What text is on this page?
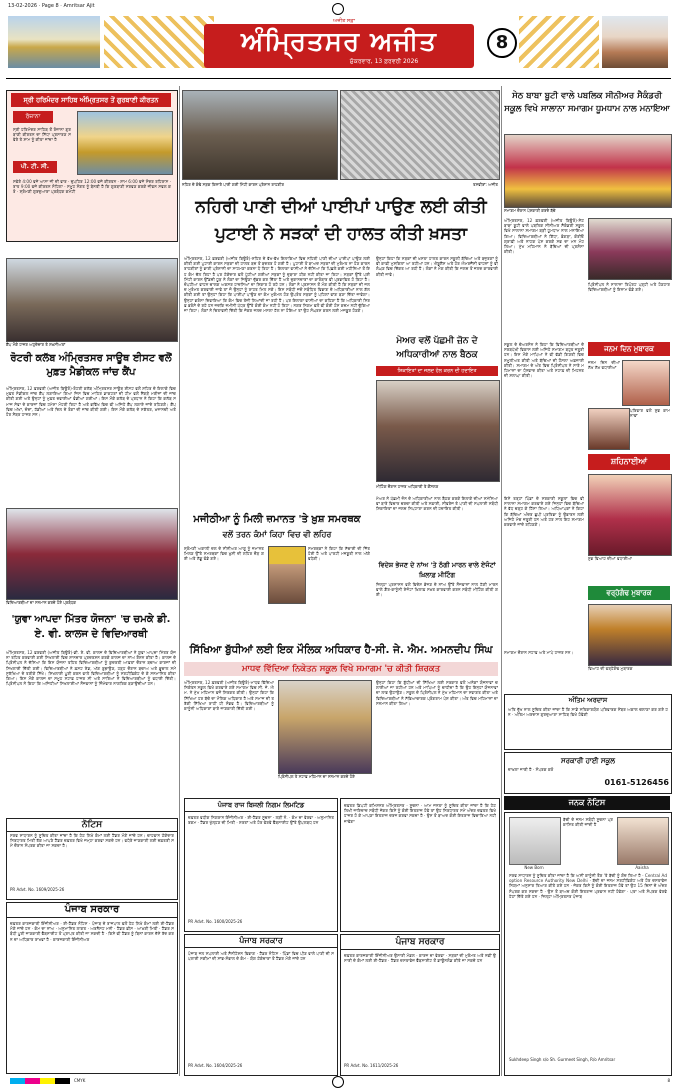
13-02-2026 · Page 8 · Amritsar Ajit
ਅੰਮ੍ਰਿਤਸਰ ਅਜੀਤ
ਅਜੀਤ ਸਫ਼ਾ
ਸ਼ੁੱਕਰਵਾਰ, 13 ਫ਼ਰਵਰੀ 2026
8
ਸ੍ਰੀ ਹਰਿਮੰਦਰ ਸਾਹਿਬ ਅੰਮ੍ਰਿਤਸਰ ਤੋਂ ਗੁਰਬਾਣੀ ਕੀਰਤਨ
ਰੋਜ਼ਾਨਾ
ਸ੍ਰੀ ਹਰਿਮੰਦਰ ਸਾਹਿਬ ਤੋਂ ਰੋਜ਼ਾਨਾ ਗੁਰਬਾਣੀ ਕੀਰਤਨ ਦਾ ਸਿੱਧਾ ਪ੍ਰਸਾਰਣ ਸਵੇਰੇ ਤੇ ਸ਼ਾਮ ਨੂੰ ਕੀਤਾ ਜਾਂਦਾ ਹੈ
ਪੀ. ਟੀ. ਸੀ.
ਸਵੇਰੇ 4:00 ਵਜੇ ਆਸਾ ਜੀ ਦੀ ਵਾਰ · ਦੁਪਹਿਰ 12:00 ਵਜੇ ਕੀਰਤਨ · ਸ਼ਾਮ 6:00 ਵਜੇ ਸੋਦਰ ਰਹਿਰਾਸ · ਰਾਤ 9:00 ਵਜੇ ਕੀਰਤਨ ਸੋਹਿਲਾ · ਸਮੂਹ ਸੰਗਤ ਨੂੰ ਬੇਨਤੀ ਹੈ ਕਿ ਗੁਰਬਾਣੀ ਸਰਵਣ ਕਰਕੇ ਜੀਵਨ ਸਫਲ ਕਰੋ · ਸ਼੍ਰੋਮਣੀ ਗੁਰਦੁਆਰਾ ਪ੍ਰਬੰਧਕ ਕਮੇਟੀ
ਕੈਂਪ ਮੌਕੇ ਹਾਜ਼ਰ ਅਹੁਦੇਦਾਰ ਤੇ ਸ਼ਖ਼ਸੀਅਤਾਂ
ਰੋਟਰੀ ਕਲੱਬ ਅੰਮ੍ਰਿਤਸਰ ਸਾਊਥ ਈਸਟ ਵਲੋਂ ਮੁਫ਼ਤ ਮੈਡੀਕਲ ਜਾਂਚ ਕੈਂਪ
ਅੰਮ੍ਰਿਤਸਰ, 12 ਫ਼ਰਵਰੀ (ਅਜੀਤ ਬਿਊਰੋ)-ਰੋਟਰੀ ਕਲੱਬ ਅੰਮ੍ਰਿਤਸਰ ਸਾਊਥ ਈਸਟ ਵਲੋਂ ਸ਼ਹਿਰ ਦੇ ਇਲਾਕੇ ਵਿਚ ਮੁਫ਼ਤ ਮੈਡੀਕਲ ਜਾਂਚ ਕੈਂਪ ਲਗਾਇਆ ਗਿਆ ਜਿਸ ਵਿਚ ਮਾਹਿਰ ਡਾਕਟਰਾਂ ਦੀ ਟੀਮ ਵਲੋਂ ਸੈਂਕੜੇ ਮਰੀਜ਼ਾਂ ਦੀ ਜਾਂਚ ਕੀਤੀ ਗਈ ਅਤੇ ਉਨ੍ਹਾਂ ਨੂੰ ਮੁਫ਼ਤ ਦਵਾਈਆਂ ਵੰਡੀਆਂ ਗਈਆਂ। ਇਸ ਮੌਕੇ ਕਲੱਬ ਦੇ ਪ੍ਰਧਾਨ ਨੇ ਕਿਹਾ ਕਿ ਕਲੱਬ ਸਮਾਜ ਸੇਵਾ ਦੇ ਕਾਰਜਾਂ ਵਿਚ ਹਮੇਸ਼ਾ ਮੋਹਰੀ ਰਿਹਾ ਹੈ ਅਤੇ ਭਵਿੱਖ ਵਿਚ ਵੀ ਅਜਿਹੇ ਕੈਂਪ ਲਗਾਏ ਜਾਂਦੇ ਰਹਿਣਗੇ। ਕੈਂਪ ਵਿਚ ਅੱਖਾਂ, ਦੰਦਾਂ, ਹੱਡੀਆਂ ਅਤੇ ਦਿਲ ਦੇ ਰੋਗਾਂ ਦੀ ਜਾਂਚ ਕੀਤੀ ਗਈ। ਇਸ ਮੌਕੇ ਕਲੱਬ ਦੇ ਸਕੱਤਰ, ਖ਼ਜ਼ਾਨਚੀ ਅਤੇ ਹੋਰ ਮੈਂਬਰ ਹਾਜ਼ਰ ਸਨ।
ਵਿਦਿਆਰਥੀਆਂ ਦਾ ਸਨਮਾਨ ਕਰਦੇ ਹੋਏ ਪ੍ਰਬੰਧਕ
'ਯੁਵਾ ਆਪਦਾ ਮਿੱਤਰ ਯੋਜਨਾ' 'ਚ ਚਮਕੇ ਡੀ. ਏ. ਵੀ. ਕਾਲਜ ਦੇ ਵਿਦਿਆਰਥੀ
ਅੰਮ੍ਰਿਤਸਰ, 12 ਫ਼ਰਵਰੀ (ਅਜੀਤ ਬਿਊਰੋ)-ਡੀ. ਏ. ਵੀ. ਕਾਲਜ ਦੇ ਵਿਦਿਆਰਥੀਆਂ ਨੇ ਯੁਵਾ ਆਪਦਾ ਮਿੱਤਰ ਯੋਜਨਾ ਤਹਿਤ ਕਰਵਾਈ ਗਈ ਸਿਖਲਾਈ ਵਿਚ ਸ਼ਾਨਦਾਰ ਪ੍ਰਦਰਸ਼ਨ ਕਰਕੇ ਕਾਲਜ ਦਾ ਨਾਂਅ ਰੌਸ਼ਨ ਕੀਤਾ ਹੈ। ਕਾਲਜ ਦੇ ਪ੍ਰਿੰਸੀਪਲ ਨੇ ਦੱਸਿਆ ਕਿ ਇਸ ਯੋਜਨਾ ਤਹਿਤ ਵਿਦਿਆਰਥੀਆਂ ਨੂੰ ਕੁਦਰਤੀ ਆਫ਼ਤਾਂ ਦੌਰਾਨ ਬਚਾਅ ਕਾਰਜਾਂ ਦੀ ਸਿਖਲਾਈ ਦਿੱਤੀ ਗਈ। ਵਿਦਿਆਰਥੀਆਂ ਨੇ ਫ਼ਸਟ ਏਡ, ਅੱਗ ਬੁਝਾਉਣ, ਹੜ੍ਹ ਦੌਰਾਨ ਬਚਾਅ ਅਤੇ ਭੂਚਾਲ ਸਮੇਂ ਸੁਰੱਖਿਆ ਦੇ ਤਰੀਕੇ ਸਿੱਖੇ। ਸਿਖਲਾਈ ਪੂਰੀ ਕਰਨ ਵਾਲੇ ਵਿਦਿਆਰਥੀਆਂ ਨੂੰ ਸਰਟੀਫ਼ਿਕੇਟ ਦੇ ਕੇ ਸਨਮਾਨਿਤ ਕੀਤਾ ਗਿਆ। ਇਸ ਮੌਕੇ ਕਾਲਜ ਦਾ ਸਮੂਹ ਸਟਾਫ਼ ਹਾਜ਼ਰ ਸੀ ਅਤੇ ਸਾਰਿਆਂ ਨੇ ਵਿਦਿਆਰਥੀਆਂ ਨੂੰ ਵਧਾਈ ਦਿੱਤੀ। ਪ੍ਰਿੰਸੀਪਲ ਨੇ ਕਿਹਾ ਕਿ ਅਜਿਹੀਆਂ ਸਿਖਲਾਈਆਂ ਨੌਜਵਾਨਾਂ ਨੂੰ ਜ਼ਿੰਮੇਵਾਰ ਨਾਗਰਿਕ ਬਣਾਉਂਦੀਆਂ ਹਨ।
ਨੋਟਿਸ
ਸਰਵ ਸਾਧਾਰਨ ਨੂੰ ਸੂਚਿਤ ਕੀਤਾ ਜਾਂਦਾ ਹੈ ਕਿ ਹੇਠ ਲਿਖੇ ਕੰਮਾਂ ਲਈ ਟੈਂਡਰ ਮੰਗੇ ਜਾਂਦੇ ਹਨ। ਚਾਹਵਾਨ ਠੇਕੇਦਾਰ ਨਿਰਧਾਰਤ ਮਿਤੀ ਤੱਕ ਆਪਣੇ ਟੈਂਡਰ ਦਫ਼ਤਰ ਵਿਖੇ ਜਮ੍ਹਾ ਕਰਵਾ ਸਕਦੇ ਹਨ। ਵਧੇਰੇ ਜਾਣਕਾਰੀ ਲਈ ਦਫ਼ਤਰੀ ਸਮੇਂ ਦੌਰਾਨ ਸੰਪਰਕ ਕੀਤਾ ਜਾ ਸਕਦਾ ਹੈ।
PR Advt. No. 1609/2025-26
ਪੰਜਾਬ ਸਰਕਾਰ
ਦਫ਼ਤਰ ਕਾਰਜਕਾਰੀ ਇੰਜੀਨੀਅਰ · ਈ-ਟੈਂਡਰ ਨੋਟਿਸ · ਪੰਜਾਬ ਦੇ ਰਾਜਪਾਲ ਵਲੋਂ ਹੇਠ ਲਿਖੇ ਕੰਮਾਂ ਲਈ ਈ-ਟੈਂਡਰ ਮੰਗੇ ਜਾਂਦੇ ਹਨ · ਕੰਮ ਦਾ ਨਾਂਅ · ਅਨੁਮਾਨਿਤ ਲਾਗਤ · ਅਰਨੈਸਟ ਮਨੀ · ਟੈਂਡਰ ਫ਼ੀਸ · ਆਖ਼ਰੀ ਮਿਤੀ · ਟੈਂਡਰ ਸਬੰਧੀ ਪੂਰੀ ਜਾਣਕਾਰੀ ਵੈੱਬਸਾਈਟ ਤੋਂ ਪ੍ਰਾਪਤ ਕੀਤੀ ਜਾ ਸਕਦੀ ਹੈ · ਕਿਸੇ ਵੀ ਟੈਂਡਰ ਨੂੰ ਬਿਨਾਂ ਕਾਰਨ ਦੱਸੇ ਰੱਦ ਕਰਨ ਦਾ ਅਧਿਕਾਰ ਰਾਖਵਾਂ ਹੈ · ਕਾਰਜਕਾਰੀ ਇੰਜੀਨੀਅਰ
ਨਹਿਰ ਦੇ ਕੰਢੇ ਸੜਕ ਕਿਨਾਰੇ ਪਾਈ ਗਈ ਮਿੱਟੀ ਕਾਰਨ ਪ੍ਰੇਸ਼ਾਨ ਰਾਹਗੀਰ	ਤਸਵੀਰਾਂ: ਅਜੀਤ
ਨਹਿਰੀ ਪਾਣੀ ਦੀਆਂ ਪਾਈਪਾਂ ਪਾਉਣ ਲਈ ਕੀਤੀ ਪੁਟਾਈ ਨੇ ਸੜਕਾਂ ਦੀ ਹਾਲਤ ਕੀਤੀ ਖ਼ਸਤਾ
ਅੰਮ੍ਰਿਤਸਰ, 12 ਫ਼ਰਵਰੀ (ਅਜੀਤ ਬਿਊਰੋ)-ਸ਼ਹਿਰ ਦੇ ਵੱਖ-ਵੱਖ ਇਲਾਕਿਆਂ ਵਿਚ ਨਹਿਰੀ ਪਾਣੀ ਦੀਆਂ ਪਾਈਪਾਂ ਪਾਉਣ ਲਈ ਕੀਤੀ ਗਈ ਪੁਟਾਈ ਕਾਰਨ ਸੜਕਾਂ ਦੀ ਹਾਲਤ ਬਦ ਤੋਂ ਬਦਤਰ ਹੋ ਗਈ ਹੈ। ਪੁਟਾਈ ਤੋਂ ਬਾਅਦ ਸੜਕਾਂ ਦੀ ਮੁਰੰਮਤ ਨਾ ਹੋਣ ਕਾਰਨ ਰਾਹਗੀਰਾਂ ਨੂੰ ਭਾਰੀ ਪ੍ਰੇਸ਼ਾਨੀ ਦਾ ਸਾਹਮਣਾ ਕਰਨਾ ਪੈ ਰਿਹਾ ਹੈ। ਇਲਾਕਾ ਵਾਸੀਆਂ ਨੇ ਦੱਸਿਆ ਕਿ ਪਿਛਲੇ ਕਈ ਮਹੀਨਿਆਂ ਤੋਂ ਇਹ ਕੰਮ ਚੱਲ ਰਿਹਾ ਹੈ ਪਰ ਠੇਕੇਦਾਰ ਵਲੋਂ ਪੁੱਟੀਆਂ ਗਈਆਂ ਸੜਕਾਂ ਨੂੰ ਦੁਬਾਰਾ ਠੀਕ ਨਹੀਂ ਕੀਤਾ ਜਾ ਰਿਹਾ। ਸੜਕਾਂ ਉੱਤੇ ਪਈ ਮਿੱਟੀ ਕਾਰਨ ਉੱਡਦੀ ਧੂੜ ਨੇ ਲੋਕਾਂ ਦਾ ਜਿਊਣਾ ਦੁੱਭਰ ਕਰ ਦਿੱਤਾ ਹੈ ਅਤੇ ਦੁਕਾਨਦਾਰਾਂ ਦਾ ਕਾਰੋਬਾਰ ਵੀ ਪ੍ਰਭਾਵਿਤ ਹੋ ਰਿਹਾ ਹੈ। ਦੋਪਹੀਆ ਵਾਹਨ ਚਾਲਕ ਅਕਸਰ ਹਾਦਸਿਆਂ ਦਾ ਸ਼ਿਕਾਰ ਹੋ ਰਹੇ ਹਨ। ਲੋਕਾਂ ਨੇ ਪ੍ਰਸ਼ਾਸਨ ਤੋਂ ਮੰਗ ਕੀਤੀ ਹੈ ਕਿ ਸੜਕਾਂ ਦੀ ਜਲਦ ਮੁਰੰਮਤ ਕਰਵਾਈ ਜਾਵੇ ਤਾਂ ਜੋ ਉਨ੍ਹਾਂ ਨੂੰ ਰਾਹਤ ਮਿਲ ਸਕੇ। ਇਸ ਸਬੰਧੀ ਜਦੋਂ ਸਬੰਧਿਤ ਵਿਭਾਗ ਦੇ ਅਧਿਕਾਰੀਆਂ ਨਾਲ ਗੱਲ ਕੀਤੀ ਗਈ ਤਾਂ ਉਨ੍ਹਾਂ ਕਿਹਾ ਕਿ ਪਾਈਪਾਂ ਪਾਉਣ ਦਾ ਕੰਮ ਮੁਕੰਮਲ ਹੋਣ ਉਪਰੰਤ ਸੜਕਾਂ ਨੂੰ ਪਹਿਲਾਂ ਵਾਂਗ ਬਣਾ ਦਿੱਤਾ ਜਾਵੇਗਾ। ਉਨ੍ਹਾਂ ਭਰੋਸਾ ਦਿਵਾਇਆ ਕਿ ਕੰਮ ਵਿਚ ਤੇਜ਼ੀ ਲਿਆਂਦੀ ਜਾ ਰਹੀ ਹੈ। ਪਰ ਇਲਾਕਾ ਵਾਸੀਆਂ ਦਾ ਕਹਿਣਾ ਹੈ ਕਿ ਅਧਿਕਾਰੀ ਸਿਰਫ਼ ਭਰੋਸੇ ਦੇ ਰਹੇ ਹਨ ਜਦਕਿ ਜ਼ਮੀਨੀ ਪੱਧਰ ਉੱਤੇ ਕੋਈ ਕੰਮ ਨਹੀਂ ਹੋ ਰਿਹਾ। ਨਗਰ ਨਿਗਮ ਵਲੋਂ ਵੀ ਕੋਈ ਠੋਸ ਕਦਮ ਨਹੀਂ ਚੁੱਕਿਆ ਜਾ ਰਿਹਾ। ਲੋਕਾਂ ਨੇ ਚਿਤਾਵਨੀ ਦਿੱਤੀ ਕਿ ਜੇਕਰ ਜਲਦ ਮਸਲਾ ਹੱਲ ਨਾ ਹੋਇਆ ਤਾਂ ਉਹ ਸੰਘਰਸ਼ ਕਰਨ ਲਈ ਮਜਬੂਰ ਹੋਣਗੇ।
ਉਨ੍ਹਾਂ ਕਿਹਾ ਕਿ ਸੜਕਾਂ ਦੀ ਖ਼ਸਤਾ ਹਾਲਤ ਕਾਰਨ ਸਕੂਲੀ ਬੱਚਿਆਂ ਅਤੇ ਬਜ਼ੁਰਗਾਂ ਨੂੰ ਵੀ ਕਾਫ਼ੀ ਮੁਸ਼ਕਿਲਾਂ ਆ ਰਹੀਆਂ ਹਨ। ਐਂਬੂਲੈਂਸ ਅਤੇ ਹੋਰ ਐਮਰਜੈਂਸੀ ਵਾਹਨਾਂ ਨੂੰ ਵੀ ਲੰਘਣ ਵਿਚ ਦਿੱਕਤ ਆ ਰਹੀ ਹੈ। ਲੋਕਾਂ ਨੇ ਮੰਗ ਕੀਤੀ ਕਿ ਜਲਦ ਤੋਂ ਜਲਦ ਕਾਰਵਾਈ ਕੀਤੀ ਜਾਵੇ।
ਮੇਅਰ ਵਲੋਂ ਪੱਛਮੀ ਜ਼ੋਨ ਦੇ ਅਧਿਕਾਰੀਆਂ ਨਾਲ ਬੈਠਕ
ਸ਼ਿਕਾਇਤਾਂ ਦਾ ਜਲਦ ਹੱਲ ਕਰਨ ਦੀ ਹਦਾਇਤ
ਮੀਟਿੰਗ ਦੌਰਾਨ ਹਾਜ਼ਰ ਅਧਿਕਾਰੀ ਤੇ ਕੌਂਸਲਰ
ਮੇਅਰ ਨੇ ਪੱਛਮੀ ਜ਼ੋਨ ਦੇ ਅਧਿਕਾਰੀਆਂ ਨਾਲ ਬੈਠਕ ਕਰਕੇ ਇਲਾਕੇ ਦੀਆਂ ਸਮੱਸਿਆਵਾਂ ਬਾਰੇ ਵਿਚਾਰ ਚਰਚਾ ਕੀਤੀ ਅਤੇ ਸਫ਼ਾਈ, ਸੀਵਰੇਜ ਤੇ ਪਾਣੀ ਦੀ ਸਪਲਾਈ ਸਬੰਧੀ ਸ਼ਿਕਾਇਤਾਂ ਦਾ ਜਲਦ ਨਿਪਟਾਰਾ ਕਰਨ ਦੀ ਹਦਾਇਤ ਕੀਤੀ।
ਮਜੀਠੀਆ ਨੂੰ ਮਿਲੀ ਜ਼ਮਾਨਤ 'ਤੇ ਖ਼ੁਸ਼ ਸਮਰਥਕ
ਵਲੋਂ ਤਰਨ ਕੰਮਾਂ ਕਿਹਾ ਵਿਚ ਵੀ ਲਹਿਰ
ਸ਼੍ਰੋਮਣੀ ਅਕਾਲੀ ਦਲ ਦੇ ਸੀਨੀਅਰ ਆਗੂ ਨੂੰ ਜ਼ਮਾਨਤ ਮਿਲਣ ਉੱਤੇ ਸਮਰਥਕਾਂ ਵਿਚ ਖ਼ੁਸ਼ੀ ਦੀ ਲਹਿਰ ਦੌੜ ਗਈ ਅਤੇ ਲੱਡੂ ਵੰਡੇ ਗਏ।
ਸਮਰਥਕਾਂ ਨੇ ਕਿਹਾ ਕਿ ਸੱਚਾਈ ਦੀ ਜਿੱਤ ਹੋਈ ਹੈ ਅਤੇ ਪਾਰਟੀ ਮਜ਼ਬੂਤੀ ਨਾਲ ਅੱਗੇ ਵਧੇਗੀ।
ਵਿਦੇਸ਼ ਭੇਜਣ ਦੇ ਨਾਂਅ 'ਤੇ ਠੱਗੀ ਮਾਰਨ ਵਾਲੇ ਏਜੰਟਾਂ ਖ਼ਿਲਾਫ਼ ਮੀਟਿੰਗ
ਜ਼ਿਲ੍ਹਾ ਪ੍ਰਸ਼ਾਸਨ ਵਲੋਂ ਵਿਦੇਸ਼ ਭੇਜਣ ਦੇ ਨਾਂਅ ਉੱਤੇ ਨੌਜਵਾਨਾਂ ਨਾਲ ਠੱਗੀ ਮਾਰਨ ਵਾਲੇ ਗ਼ੈਰ-ਕਾਨੂੰਨੀ ਏਜੰਟਾਂ ਖ਼ਿਲਾਫ਼ ਸਖ਼ਤ ਕਾਰਵਾਈ ਕਰਨ ਸਬੰਧੀ ਮੀਟਿੰਗ ਕੀਤੀ ਗਈ।
ਸਿੱਖਿਆ ਬੁੱਧੀਆਂ ਲਈ ਇਕ ਮੌਲਿਕ ਅਧਿਕਾਰ ਹੈ-ਸੀ. ਜੇ. ਐਮ. ਅਮਨਦੀਪ ਸਿੰਘ
ਮਾਧਵ ਵਿੱਦਿਆ ਨਿਕੇਤਨ ਸਕੂਲ ਵਿਖੇ ਸਮਾਗਮ 'ਚ ਕੀਤੀ ਸ਼ਿਰਕਤ
ਅੰਮ੍ਰਿਤਸਰ, 12 ਫ਼ਰਵਰੀ (ਅਜੀਤ ਬਿਊਰੋ)-ਮਾਧਵ ਵਿੱਦਿਆ ਨਿਕੇਤਨ ਸਕੂਲ ਵਿਖੇ ਕਰਵਾਏ ਗਏ ਸਮਾਗਮ ਵਿਚ ਸੀ. ਜੇ. ਐਮ. ਨੇ ਮੁੱਖ ਮਹਿਮਾਨ ਵਜੋਂ ਸ਼ਿਰਕਤ ਕੀਤੀ। ਉਨ੍ਹਾਂ ਕਿਹਾ ਕਿ ਸਿੱਖਿਆ ਹਰ ਬੱਚੇ ਦਾ ਮੌਲਿਕ ਅਧਿਕਾਰ ਹੈ ਅਤੇ ਸਮਾਜ ਦੀ ਤਰੱਕੀ ਸਿੱਖਿਆ ਰਾਹੀਂ ਹੀ ਸੰਭਵ ਹੈ। ਵਿਦਿਆਰਥੀਆਂ ਨੂੰ ਕਾਨੂੰਨੀ ਅਧਿਕਾਰਾਂ ਬਾਰੇ ਜਾਣਕਾਰੀ ਦਿੱਤੀ ਗਈ।
ਪ੍ਰਿੰਸੀਪਲ ਤੇ ਸਟਾਫ਼ ਮਹਿਮਾਨ ਦਾ ਸਨਮਾਨ ਕਰਦੇ ਹੋਏ
ਉਨ੍ਹਾਂ ਕਿਹਾ ਕਿ ਬੁੱਧੀਆਂ ਦੀ ਸਿੱਖਿਆ ਲਈ ਸਰਕਾਰ ਵਲੋਂ ਅਨੇਕਾਂ ਯੋਜਨਾਵਾਂ ਚਲਾਈਆਂ ਜਾ ਰਹੀਆਂ ਹਨ ਅਤੇ ਮਾਪਿਆਂ ਨੂੰ ਚਾਹੀਦਾ ਹੈ ਕਿ ਉਹ ਇਨ੍ਹਾਂ ਯੋਜਨਾਵਾਂ ਦਾ ਲਾਭ ਉਠਾਉਣ। ਸਕੂਲ ਦੇ ਪ੍ਰਿੰਸੀਪਲ ਨੇ ਮੁੱਖ ਮਹਿਮਾਨ ਦਾ ਸਵਾਗਤ ਕੀਤਾ ਅਤੇ ਵਿਦਿਆਰਥੀਆਂ ਨੇ ਸੱਭਿਆਚਾਰਕ ਪ੍ਰੋਗਰਾਮ ਪੇਸ਼ ਕੀਤਾ। ਅੰਤ ਵਿਚ ਮਹਿਮਾਨਾਂ ਦਾ ਸਨਮਾਨ ਕੀਤਾ ਗਿਆ।
ਪੰਜਾਬ ਰਾਜ ਬਿਜਲੀ ਨਿਗਮ ਲਿਮਟਿਡ
ਦਫ਼ਤਰ ਵਧੀਕ ਨਿਗਰਾਨ ਇੰਜੀਨੀਅਰ · ਈ-ਟੈਂਡਰ ਸੂਚਨਾ · ਲੜੀ ਨੰ. · ਕੰਮ ਦਾ ਵੇਰਵਾ · ਅਨੁਮਾਨਿਤ ਰਕਮ · ਟੈਂਡਰ ਖੁੱਲ੍ਹਣ ਦੀ ਮਿਤੀ · ਸ਼ਰਤਾਂ ਅਤੇ ਹੋਰ ਵੇਰਵੇ ਵੈੱਬਸਾਈਟ ਉੱਤੇ ਉਪਲਬਧ ਹਨ
PR Advt. No. 1600/2025-26
ਦਫ਼ਤਰ ਡਿਪਟੀ ਕਮਿਸ਼ਨਰ ਅੰਮ੍ਰਿਤਸਰ · ਸੂਚਨਾ · ਆਮ ਜਨਤਾ ਨੂੰ ਸੂਚਿਤ ਕੀਤਾ ਜਾਂਦਾ ਹੈ ਕਿ ਹੇਠ ਲਿਖੀ ਜਾਇਦਾਦ ਸਬੰਧੀ ਜੇਕਰ ਕਿਸੇ ਨੂੰ ਕੋਈ ਇਤਰਾਜ਼ ਹੋਵੇ ਤਾਂ ਉਹ ਨਿਰਧਾਰਤ ਸਮੇਂ ਅੰਦਰ ਦਫ਼ਤਰ ਵਿਖੇ ਹਾਜ਼ਰ ਹੋ ਕੇ ਆਪਣਾ ਇਤਰਾਜ਼ ਦਰਜ ਕਰਵਾ ਸਕਦਾ ਹੈ · ਉਸ ਤੋਂ ਬਾਅਦ ਕੋਈ ਇਤਰਾਜ਼ ਵਿਚਾਰਿਆ ਨਹੀਂ ਜਾਵੇਗਾ
ਪੰਜਾਬ ਸਰਕਾਰ
ਪੰਜਾਬ ਜਲ ਸਪਲਾਈ ਅਤੇ ਸੈਨੀਟੇਸ਼ਨ ਵਿਭਾਗ · ਟੈਂਡਰ ਨੋਟਿਸ · ਪਿੰਡਾਂ ਵਿਚ ਪੀਣ ਵਾਲੇ ਪਾਣੀ ਦੀ ਸਪਲਾਈ ਸਕੀਮਾਂ ਦੀ ਸਾਂਭ-ਸੰਭਾਲ ਦੇ ਕੰਮ · ਯੋਗ ਠੇਕੇਦਾਰਾਂ ਤੋਂ ਟੈਂਡਰ ਮੰਗੇ ਜਾਂਦੇ ਹਨ
PR Advt. No. 1604/2025-26
ਪੰਜਾਬ ਸਰਕਾਰ
ਦਫ਼ਤਰ ਕਾਰਜਕਾਰੀ ਇੰਜੀਨੀਅਰ ਉਸਾਰੀ ਮੰਡਲ · ਕਾਰਜ ਦਾ ਵੇਰਵਾ · ਸੜਕਾਂ ਦੀ ਮੁਰੰਮਤ ਅਤੇ ਨਵੀਂ ਉਸਾਰੀ ਦੇ ਕੰਮਾਂ ਲਈ ਈ-ਟੈਂਡਰ · ਟੈਂਡਰ ਦਸਤਾਵੇਜ਼ ਵੈੱਬਸਾਈਟ ਤੋਂ ਡਾਊਨਲੋਡ ਕੀਤੇ ਜਾ ਸਕਦੇ ਹਨ
PR Advt. No. 1611/2025-26
ਸੇਠ ਬਾਬਾ ਬੂਟੀ ਵਾਲੇ ਪਬਲਿਕ ਸੀਨੀਅਰ ਸੈਕੰਡਰੀ ਸਕੂਲ ਵਿਖੇ ਸਾਲਾਨਾ ਸਮਾਗਮ ਧੂਮਧਾਮ ਨਾਲ ਮਨਾਇਆ
ਸਮਾਗਮ ਦੌਰਾਨ ਪੇਸ਼ਕਾਰੀ ਕਰਦੇ ਬੱਚੇ
ਅੰਮ੍ਰਿਤਸਰ, 12 ਫ਼ਰਵਰੀ (ਅਜੀਤ ਬਿਊਰੋ)-ਸੇਠ ਬਾਬਾ ਬੂਟੀ ਵਾਲੇ ਪਬਲਿਕ ਸੀਨੀਅਰ ਸੈਕੰਡਰੀ ਸਕੂਲ ਵਿਖੇ ਸਾਲਾਨਾ ਸਮਾਗਮ ਬੜੀ ਧੂਮਧਾਮ ਨਾਲ ਮਨਾਇਆ ਗਿਆ। ਵਿਦਿਆਰਥੀਆਂ ਨੇ ਗਿੱਧਾ, ਭੰਗੜਾ, ਕੋਰੀਓਗ੍ਰਾਫ਼ੀ ਅਤੇ ਨਾਟਕ ਪੇਸ਼ ਕਰਕੇ ਸਭ ਦਾ ਮਨ ਮੋਹ ਲਿਆ। ਮੁੱਖ ਮਹਿਮਾਨ ਨੇ ਬੱਚਿਆਂ ਦੀ ਪ੍ਰਸ਼ੰਸਾ ਕੀਤੀ।
ਪ੍ਰਿੰਸੀਪਲ ਨੇ ਸਾਲਾਨਾ ਰਿਪੋਰਟ ਪੜ੍ਹੀ ਅਤੇ ਹੋਣਹਾਰ ਵਿਦਿਆਰਥੀਆਂ ਨੂੰ ਇਨਾਮ ਵੰਡੇ ਗਏ।
ਜਨਮ ਦਿਨ ਮੁਬਾਰਕ
ਜਨਮ ਦਿਨ ਦੀਆਂ ਲੱਖ ਲੱਖ ਵਧਾਈਆਂ
ਪਰਿਵਾਰ ਵਲੋਂ ਸ਼ੁਭ ਕਾਮਨਾਵਾਂ
ਸਕੂਲ ਦੇ ਚੇਅਰਮੈਨ ਨੇ ਕਿਹਾ ਕਿ ਵਿਦਿਆਰਥੀਆਂ ਦੇ ਸਰਬਪੱਖੀ ਵਿਕਾਸ ਲਈ ਅਜਿਹੇ ਸਮਾਗਮ ਬਹੁਤ ਜ਼ਰੂਰੀ ਹਨ। ਇਸ ਮੌਕੇ ਮਾਪਿਆਂ ਨੇ ਵੀ ਵੱਡੀ ਗਿਣਤੀ ਵਿਚ ਸ਼ਮੂਲੀਅਤ ਕੀਤੀ ਅਤੇ ਬੱਚਿਆਂ ਦੀ ਹੌਸਲਾ ਅਫ਼ਜ਼ਾਈ ਕੀਤੀ। ਸਮਾਗਮ ਦੇ ਅੰਤ ਵਿਚ ਪ੍ਰਿੰਸੀਪਲ ਨੇ ਸਾਰੇ ਮਹਿਮਾਨਾਂ ਦਾ ਧੰਨਵਾਦ ਕੀਤਾ ਅਤੇ ਸਟਾਫ਼ ਦੀ ਮਿਹਨਤ ਦੀ ਸ਼ਲਾਘਾ ਕੀਤੀ।
ਸ਼ਹਿਨਾਈਆਂ
ਇਸੇ ਤਰ੍ਹਾਂ ਪਿੰਡਾਂ ਦੇ ਸਰਕਾਰੀ ਸਕੂਲਾਂ ਵਿਚ ਵੀ ਸਾਲਾਨਾ ਸਮਾਗਮ ਕਰਵਾਏ ਗਏ ਜਿਨ੍ਹਾਂ ਵਿਚ ਬੱਚਿਆਂ ਨੇ ਵੱਧ ਚੜ੍ਹ ਕੇ ਹਿੱਸਾ ਲਿਆ। ਅਧਿਆਪਕਾਂ ਨੇ ਕਿਹਾ ਕਿ ਬੱਚਿਆਂ ਅੰਦਰ ਛੁਪੀ ਪ੍ਰਤਿਭਾ ਨੂੰ ਉਭਾਰਨ ਲਈ ਅਜਿਹੇ ਮੰਚ ਜ਼ਰੂਰੀ ਹਨ ਅਤੇ ਹਰ ਸਾਲ ਇਹ ਸਮਾਗਮ ਕਰਵਾਏ ਜਾਂਦੇ ਰਹਿਣਗੇ।
ਸ਼ੁਭ ਵਿਆਹ ਦੀਆਂ ਵਧਾਈਆਂ
ਵਰ੍ਹੇਗੰਢ ਮੁਬਾਰਕ
ਵਿਆਹ ਦੀ ਵਰ੍ਹੇਗੰਢ ਮੁਬਾਰਕ
ਸਮਾਗਮ ਦੌਰਾਨ ਸਟਾਫ਼ ਅਤੇ ਮਾਪੇ ਹਾਜ਼ਰ ਸਨ।
ਅੰਤਿਮ ਅਰਦਾਸ
ਅਤਿ ਦੁੱਖ ਨਾਲ ਸੂਚਿਤ ਕੀਤਾ ਜਾਂਦਾ ਹੈ ਕਿ ਸਾਡੇ ਸਤਿਕਾਰਯੋਗ ਪਰਿਵਾਰਕ ਮੈਂਬਰ ਅਕਾਲ ਚਲਾਣਾ ਕਰ ਗਏ ਹਨ · ਅੰਤਿਮ ਅਰਦਾਸ ਗੁਰਦੁਆਰਾ ਸਾਹਿਬ ਵਿਖੇ ਹੋਵੇਗੀ
ਸਰਕਾਰੀ ਹਾਈ ਸਕੂਲ
ਦਾਖ਼ਲਾ ਜਾਰੀ ਹੈ · ਸੰਪਰਕ ਕਰੋ
0161-5126456
ਜਨਕ ਨੋਟਿਸ
New Born	Aaisha
ਬੱਚੀ ਦੇ ਜਨਮ ਸਬੰਧੀ ਸੂਚਨਾ ਪ੍ਰਕਾਸ਼ਿਤ ਕੀਤੀ ਜਾਂਦੀ ਹੈ
ਸਰਵ ਸਾਧਾਰਨ ਨੂੰ ਸੂਚਿਤ ਕੀਤਾ ਜਾਂਦਾ ਹੈ ਕਿ ਅਸੀਂ ਕਾਨੂੰਨੀ ਤੌਰ 'ਤੇ ਬੱਚੀ ਨੂੰ ਗੋਦ ਲਿਆ ਹੈ · Central Adoption Resource Authority New Delhi · ਬੱਚੀ ਦਾ ਜਨਮ ਸਰਟੀਫ਼ਿਕੇਟ ਅਤੇ ਹੋਰ ਦਸਤਾਵੇਜ਼ ਨਿਯਮਾਂ ਅਨੁਸਾਰ ਤਿਆਰ ਕੀਤੇ ਗਏ ਹਨ · ਜੇਕਰ ਕਿਸੇ ਨੂੰ ਕੋਈ ਇਤਰਾਜ਼ ਹੋਵੇ ਤਾਂ ਉਹ 15 ਦਿਨਾਂ ਦੇ ਅੰਦਰ ਸੰਪਰਕ ਕਰ ਸਕਦਾ ਹੈ · ਉਸ ਤੋਂ ਬਾਅਦ ਕੋਈ ਇਤਰਾਜ਼ ਪ੍ਰਵਾਨ ਨਹੀਂ ਹੋਵੇਗਾ · ਪਤਾ ਅਤੇ ਸੰਪਰਕ ਵੇਰਵੇ ਹੇਠਾਂ ਦਿੱਤੇ ਗਏ ਹਨ · ਜ਼ਿਲ੍ਹਾ ਅੰਮ੍ਰਿਤਸਰ ਪੰਜਾਬ
Sukhdeep Singh s/o Sh. Gurmeet Singh, R/o Amritsar
CMYK	8
